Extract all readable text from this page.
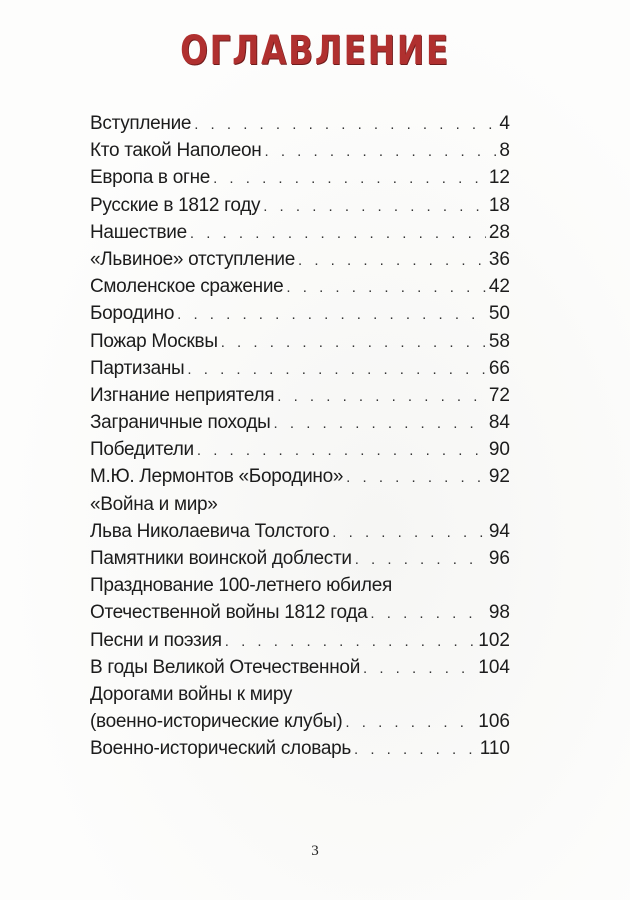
ОГЛАВЛЕНИЕ
Вступление . . .	4
Кто такой Наполеон . . .	8
Европа в огне . . .	12
Русские в 1812 году . . .	18
Нашествие . . .	28
«Львиное» отступление . . .	36
Смоленское сражение . . .	42
Бородино . . .	50
Пожар Москвы . . .	58
Партизаны . . .	66
Изгнание неприятеля . . .	72
Заграничные походы . . .	84
Победители . . .	90
М.Ю. Лермонтов «Бородино» . . .	92
«Война и мир»
Льва Николаевича Толстого . . .	94
Памятники воинской доблести . . .	96
Празднование 100-летнего юбилея
Отечественной войны 1812 года . . .	98
Песни и поэзия . . .	102
В годы Великой Отечественной . . .	104
Дорогами войны к миру
(военно-исторические клубы) . . .	106
Военно-исторический словарь . . .	110
3
